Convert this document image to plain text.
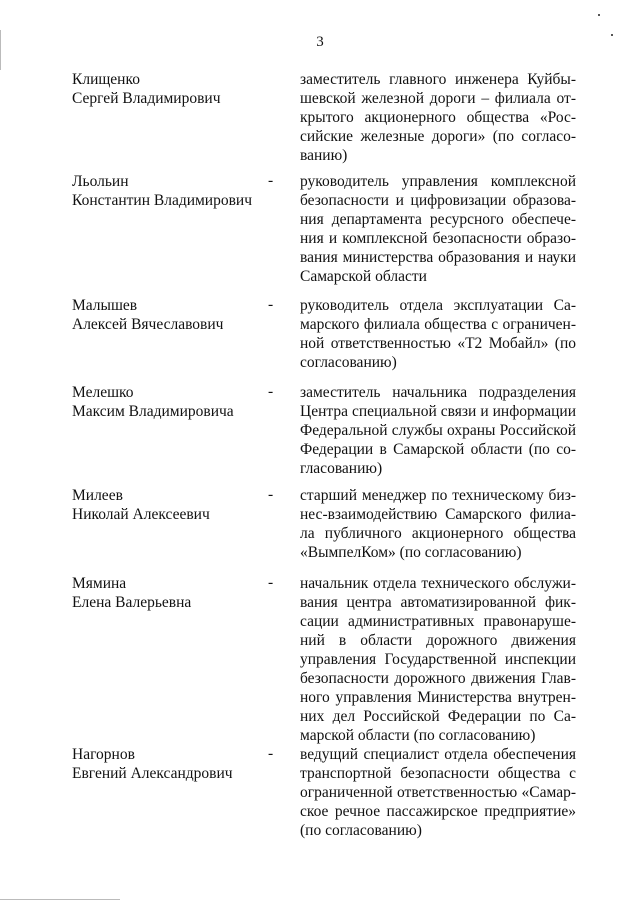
3
Клищенко
Сергей Владимирович
заместитель главного инженера Куйбы-
шевской железной дороги – филиала от-
крытого акционерного общества «Рос-
сийские железные дороги» (по согласо-
ванию)
Льольин
Константин Владимирович
- руководитель управления комплексной
безопасности и цифровизации образова-
ния департамента ресурсного обеспече-
ния и комплексной безопасности образо-
вания министерства образования и науки
Самарской области
Малышев
Алексей Вячеславович
- руководитель отдела эксплуатации Са-
марского филиала общества с ограничен-
ной ответственностью «Т2 Мобайл» (по
согласованию)
Мелешко
Максим Владимировича
- заместитель начальника подразделения
Центра специальной связи и информации
Федеральной службы охраны Российской
Федерации в Самарской области (по со-
гласованию)
Милеев
Николай Алексеевич
- старший менеджер по техническому биз-
нес-взаимодействию Самарского филиа-
ла публичного акционерного общества
«ВымпелКом» (по согласованию)
Мямина
Елена Валерьевна
- начальник отдела технического обслужи-
вания центра автоматизированной фик-
сации административных правонаруше-
ний в области дорожного движения
управления Государственной инспекции
безопасности дорожного движения Глав-
ного управления Министерства внутрен-
них дел Российской Федерации по Са-
марской области (по согласованию)
Нагорнов
Евгений Александрович
- ведущий специалист отдела обеспечения
транспортной безопасности общества с
ограниченной ответственностью «Самар-
ское речное пассажирское предприятие»
(по согласованию)
